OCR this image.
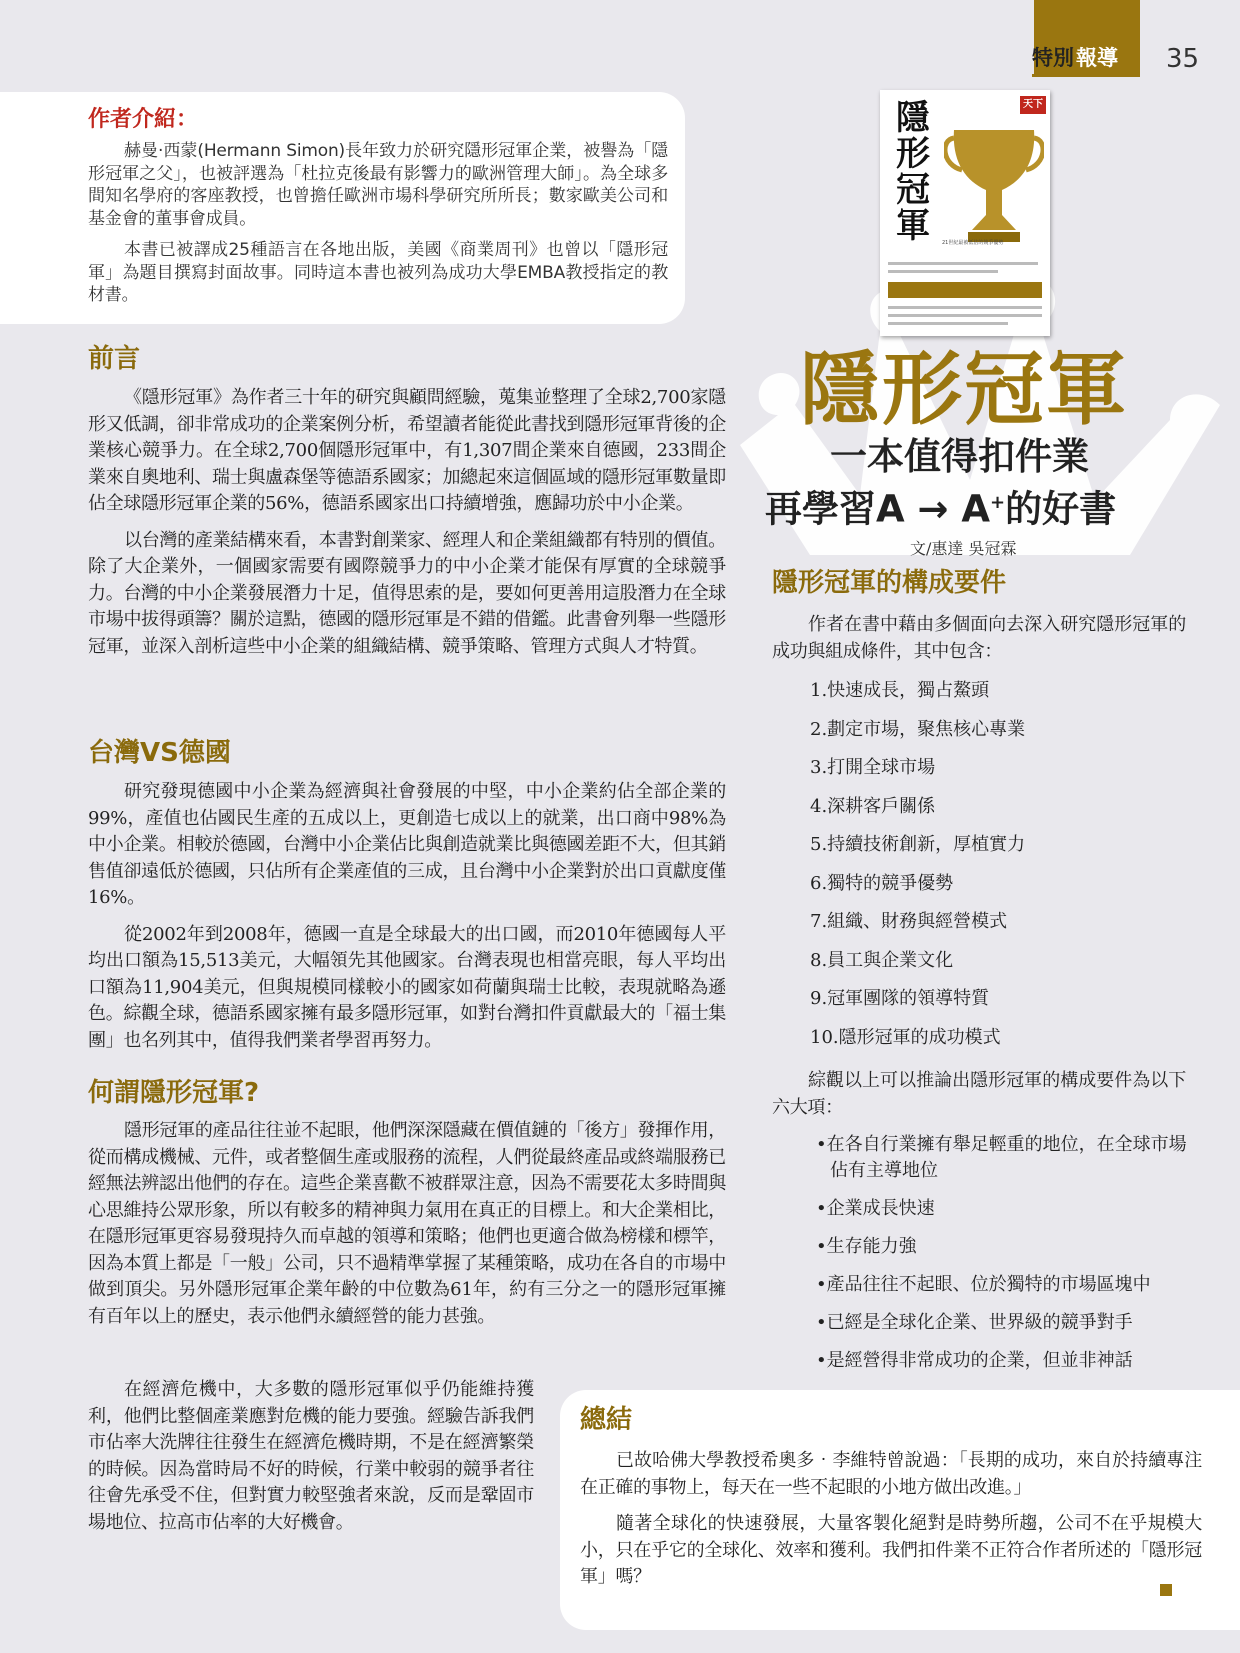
特別報導 35
作者介紹：

赫曼‧西蒙(Hermann Simon)長年致力於研究隱形冠軍企業，被譽為「隱形冠軍之父」，也被評選為「杜拉克後最有影響力的歐洲管理大師」。為全球多間知名學府的客座教授，也曾擔任歐洲市場科學研究所所長；數家歐美公司和基金會的董事會成員。

本書已被譯成25種語言在各地出版，美國《商業周刊》也曾以「隱形冠軍」為題目撰寫封面故事。同時這本書也被列為成功大學EMBA教授指定的教材書。

隱形冠軍
天下
21世紀最被低估的競爭優勢
隱形冠軍
一本值得扣件業
再學習A → A+的好書
文/惠達 吳冠霖
前言

《隱形冠軍》為作者三十年的研究與顧問經驗，蒐集並整理了全球2,700家隱形又低調，卻非常成功的企業案例分析，希望讀者能從此書找到隱形冠軍背後的企業核心競爭力。在全球2,700個隱形冠軍中，有1,307間企業來自德國，233間企業來自奧地利、瑞士與盧森堡等德語系國家；加總起來這個區域的隱形冠軍數量即佔全球隱形冠軍企業的56%，德語系國家出口持續增強，應歸功於中小企業。

以台灣的產業結構來看，本書對創業家、經理人和企業組織都有特別的價值。除了大企業外，一個國家需要有國際競爭力的中小企業才能保有厚實的全球競爭力。台灣的中小企業發展潛力十足，值得思索的是，要如何更善用這股潛力在全球市場中拔得頭籌？關於這點，德國的隱形冠軍是不錯的借鑑。此書會列舉一些隱形冠軍，並深入剖析這些中小企業的組織結構、競爭策略、管理方式與人才特質。

台灣VS德國

研究發現德國中小企業為經濟與社會發展的中堅，中小企業約佔全部企業的99%，產值也佔國民生產的五成以上，更創造七成以上的就業，出口商中98%為中小企業。相較於德國，台灣中小企業佔比與創造就業比與德國差距不大，但其銷售值卻遠低於德國，只佔所有企業產值的三成，且台灣中小企業對於出口貢獻度僅16%。

從2002年到2008年，德國一直是全球最大的出口國，而2010年德國每人平均出口額為15,513美元，大幅領先其他國家。台灣表現也相當亮眼，每人平均出口額為11,904美元，但與規模同樣較小的國家如荷蘭與瑞士比較，表現就略為遜色。綜觀全球，德語系國家擁有最多隱形冠軍，如對台灣扣件貢獻最大的「福士集團」也名列其中，值得我們業者學習再努力。

何謂隱形冠軍?

隱形冠軍的產品往往並不起眼，他們深深隱藏在價值鏈的「後方」發揮作用，從而構成機械、元件，或者整個生產或服務的流程，人們從最終產品或終端服務已經無法辨認出他們的存在。這些企業喜歡不被群眾注意，因為不需要花太多時間與心思維持公眾形象，所以有較多的精神與力氣用在真正的目標上。和大企業相比，在隱形冠軍更容易發現持久而卓越的領導和策略；他們也更適合做為榜樣和標竿，因為本質上都是「一般」公司，只不過精準掌握了某種策略，成功在各自的市場中做到頂尖。另外隱形冠軍企業年齡的中位數為61年，約有三分之一的隱形冠軍擁有百年以上的歷史，表示他們永續經營的能力甚強。

在經濟危機中，大多數的隱形冠軍似乎仍能維持獲利，他們比整個產業應對危機的能力要強。經驗告訴我們市佔率大洗牌往往發生在經濟危機時期，不是在經濟繁榮的時候。因為當時局不好的時候，行業中較弱的競爭者往往會先承受不住，但對實力較堅強者來說，反而是鞏固市場地位、拉高市佔率的大好機會。

隱形冠軍的構成要件

作者在書中藉由多個面向去深入研究隱形冠軍的成功與組成條件，其中包含：

1.快速成長，獨占鰲頭

2.劃定市場，聚焦核心專業

3.打開全球市場

4.深耕客戶關係

5.持續技術創新，厚植實力

6.獨特的競爭優勢

7.組織、財務與經營模式

8.員工與企業文化

9.冠軍團隊的領導特質

10.隱形冠軍的成功模式

綜觀以上可以推論出隱形冠軍的構成要件為以下六大項：

•在各自行業擁有舉足輕重的地位，在全球市場佔有主導地位

•企業成長快速

•生存能力強

•產品往往不起眼、位於獨特的市場區塊中

•已經是全球化企業、世界級的競爭對手

•是經營得非常成功的企業，但並非神話

總結

已故哈佛大學教授希奧多‧李維特曾說過：「長期的成功，來自於持續專注在正確的事物上，每天在一些不起眼的小地方做出改進。」

隨著全球化的快速發展，大量客製化絕對是時勢所趨，公司不在乎規模大小，只在乎它的全球化、效率和獲利。我們扣件業不正符合作者所述的「隱形冠軍」嗎？
